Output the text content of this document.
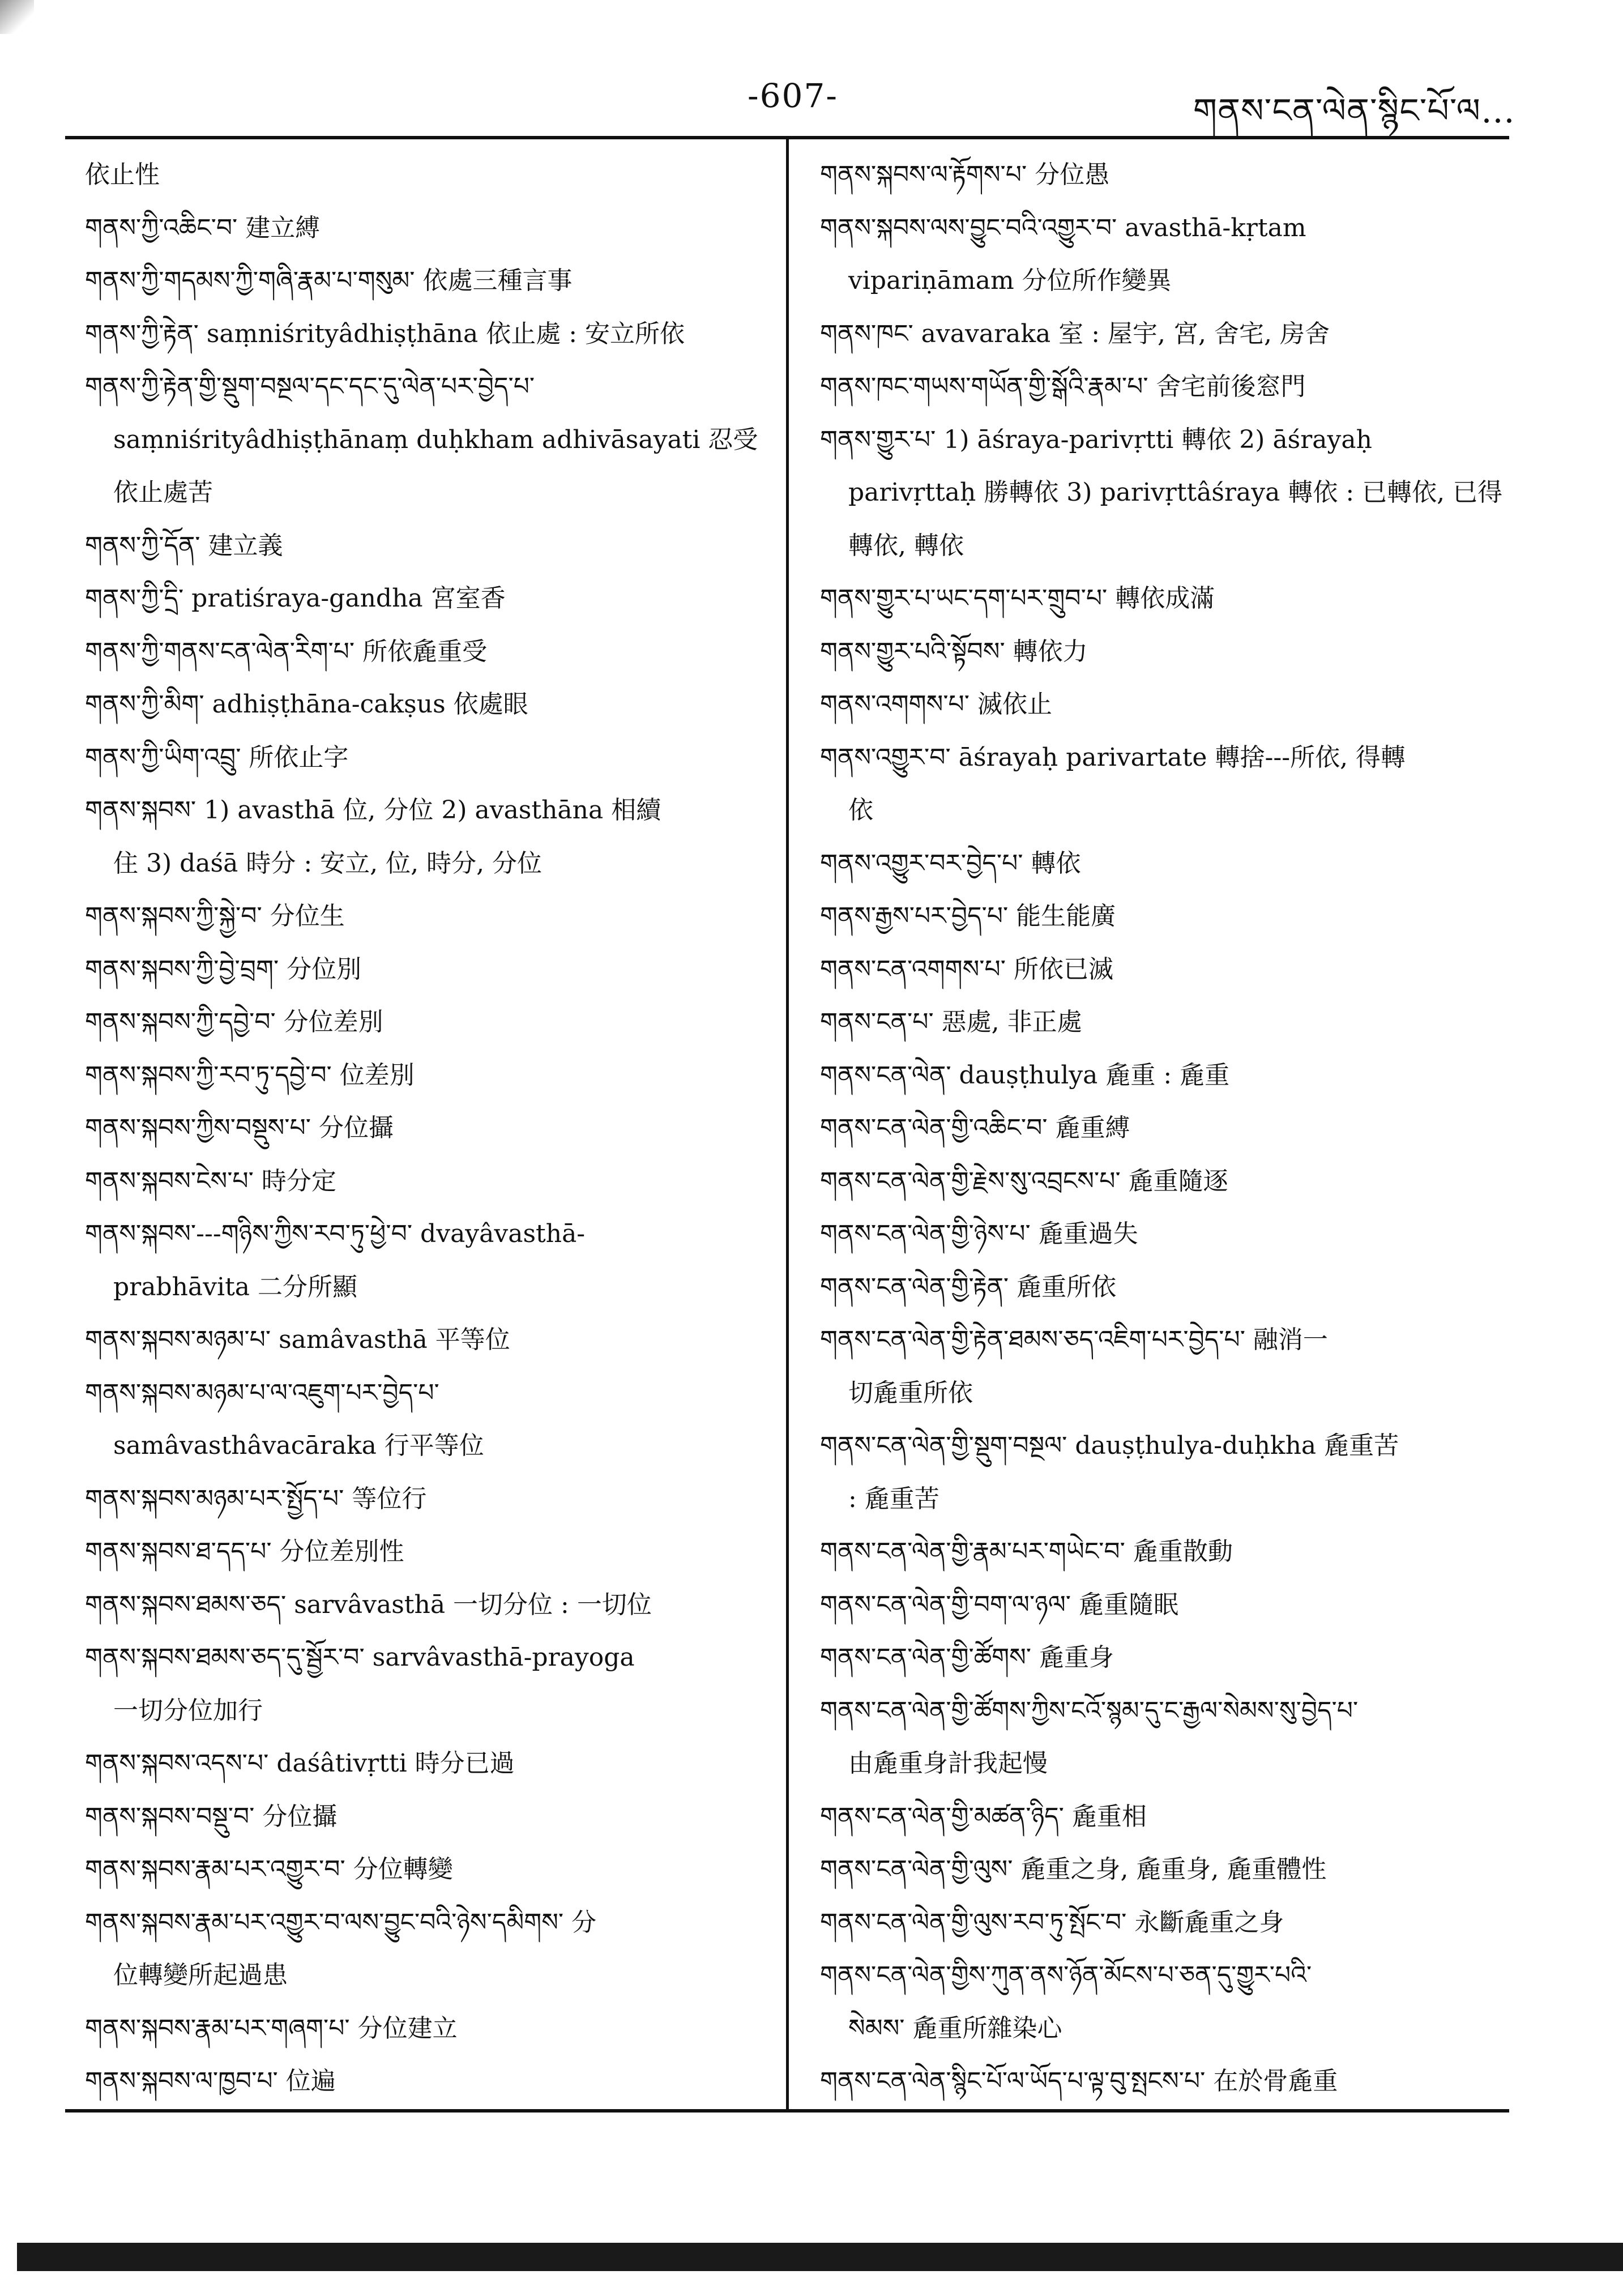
-607-	གནས་ངན་ལེན་སྙིང་པོ་ལ…
依止性
གནས་ཀྱི་འཆིང་བ་ 建立縛
གནས་ཀྱི་གདམས་ཀྱི་གཞི་རྣམ་པ་གསུམ་ 依處三種言事
གནས་ཀྱི་རྟེན་ saṃniśrityâdhiṣṭhāna 依止處 : 安立所依
གནས་ཀྱི་རྟེན་གྱི་སྡུག་བསྔལ་དང་དང་དུ་ལེན་པར་བྱེད་པ་
saṃniśrityâdhiṣṭhānaṃ duḥkham adhivāsayati 忍受依止處苦
གནས་ཀྱི་དོན་ 建立義
གནས་ཀྱི་དྲི་ pratiśraya-gandha 宮室香
གནས་ཀྱི་གནས་ངན་ལེན་རིག་པ་ 所依麁重受
གནས་ཀྱི་མིག་ adhiṣṭhāna-cakṣus 依處眼
གནས་ཀྱི་ཡིག་འབྲུ་ 所依止字
གནས་སྐབས་ 1) avasthā 位, 分位 2) avasthāna 相續
住 3) daśā 時分 : 安立, 位, 時分, 分位
གནས་སྐབས་ཀྱི་སྐྱེ་བ་ 分位生
གནས་སྐབས་ཀྱི་བྱེ་བྲག་ 分位別
གནས་སྐབས་ཀྱི་དབྱེ་བ་ 分位差別
གནས་སྐབས་ཀྱི་རབ་ཏུ་དབྱེ་བ་ 位差別
གནས་སྐབས་ཀྱིས་བསྡུས་པ་ 分位攝
གནས་སྐབས་ངེས་པ་ 時分定
གནས་སྐབས་---གཉིས་ཀྱིས་རབ་ཏུ་ཕྱེ་བ་ dvayâvasthā-
prabhāvita 二分所顯
གནས་སྐབས་མཉམ་པ་ samâvasthā 平等位
གནས་སྐབས་མཉམ་པ་ལ་འཇུག་པར་བྱེད་པ་
samâvasthâvacāraka 行平等位
གནས་སྐབས་མཉམ་པར་སྤྱོད་པ་ 等位行
གནས་སྐབས་ཐ་དད་པ་ 分位差別性
གནས་སྐབས་ཐམས་ཅད་ sarvâvasthā 一切分位 : 一切位
གནས་སྐབས་ཐམས་ཅད་དུ་སྦྱོར་བ་ sarvâvasthā-prayoga
一切分位加行
གནས་སྐབས་འདས་པ་ daśâtivṛtti 時分已過
གནས་སྐབས་བསྡུ་བ་ 分位攝
གནས་སྐབས་རྣམ་པར་འགྱུར་བ་ 分位轉變
གནས་སྐབས་རྣམ་པར་འགྱུར་བ་ལས་བྱུང་བའི་ཉེས་དམིགས་ 分
位轉變所起過患
གནས་སྐབས་རྣམ་པར་གཞག་པ་ 分位建立
གནས་སྐབས་ལ་ཁྱབ་པ་ 位遍
གནས་སྐབས་ལ་རྟོགས་པ་ 分位愚
གནས་སྐབས་ལས་བྱུང་བའི་འགྱུར་བ་ avasthā-kṛtam
vipariṇāmam 分位所作變異
གནས་ཁང་ avavaraka 室 : 屋宇, 宮, 舍宅, 房舍
གནས་ཁང་གཡས་གཡོན་གྱི་སྒོའི་རྣམ་པ་ 舍宅前後窓門
གནས་གྱུར་པ་ 1) āśraya-parivṛtti 轉依 2) āśrayaḥ
parivṛttaḥ 勝轉依 3) parivṛttâśraya 轉依 : 已轉依, 已得轉依, 轉依
གནས་གྱུར་པ་ཡང་དག་པར་གྲུབ་པ་ 轉依成滿
གནས་གྱུར་པའི་སྟོབས་ 轉依力
གནས་འགགས་པ་ 滅依止
གནས་འགྱུར་བ་ āśrayaḥ parivartate 轉捨---所依, 得轉
依
གནས་འགྱུར་བར་བྱེད་པ་ 轉依
གནས་རྒྱས་པར་བྱེད་པ་ 能生能廣
གནས་ངན་འགགས་པ་ 所依已滅
གནས་ངན་པ་ 惡處, 非正處
གནས་ངན་ལེན་ dauṣṭhulya 麁重 : 麁重
གནས་ངན་ལེན་གྱི་འཆིང་བ་ 麁重縛
གནས་ངན་ལེན་གྱི་རྗེས་སུ་འབྲངས་པ་ 麁重隨逐
གནས་ངན་ལེན་གྱི་ཉེས་པ་ 麁重過失
གནས་ངན་ལེན་གྱི་རྟེན་ 麁重所依
གནས་ངན་ལེན་གྱི་རྟེན་ཐམས་ཅད་འཇིག་པར་བྱེད་པ་ 融消一
切麁重所依
གནས་ངན་ལེན་གྱི་སྡུག་བསྔལ་ dauṣṭhulya-duḥkha 麁重苦
: 麁重苦
གནས་ངན་ལེན་གྱི་རྣམ་པར་གཡེང་བ་ 麁重散動
གནས་ངན་ལེན་གྱི་བག་ལ་ཉལ་ 麁重隨眠
གནས་ངན་ལེན་གྱི་ཚོགས་ 麁重身
གནས་ངན་ལེན་གྱི་ཚོགས་ཀྱིས་ངའོ་སྙམ་དུ་ང་རྒྱལ་སེམས་སུ་བྱེད་པ་
由麁重身計我起慢
གནས་ངན་ལེན་གྱི་མཚན་ཉིད་ 麁重相
གནས་ངན་ལེན་གྱི་ལུས་ 麁重之身, 麁重身, 麁重體性
གནས་ངན་ལེན་གྱི་ལུས་རབ་ཏུ་སྤོང་བ་ 永斷麁重之身
གནས་ངན་ལེན་གྱིས་ཀུན་ནས་ཉོན་མོངས་པ་ཅན་དུ་གྱུར་པའི་
སེམས་ 麁重所雜染心
གནས་ངན་ལེན་སྙིང་པོ་ལ་ཡོད་པ་ལྟ་བུ་སྤངས་པ་ 在於骨麁重
